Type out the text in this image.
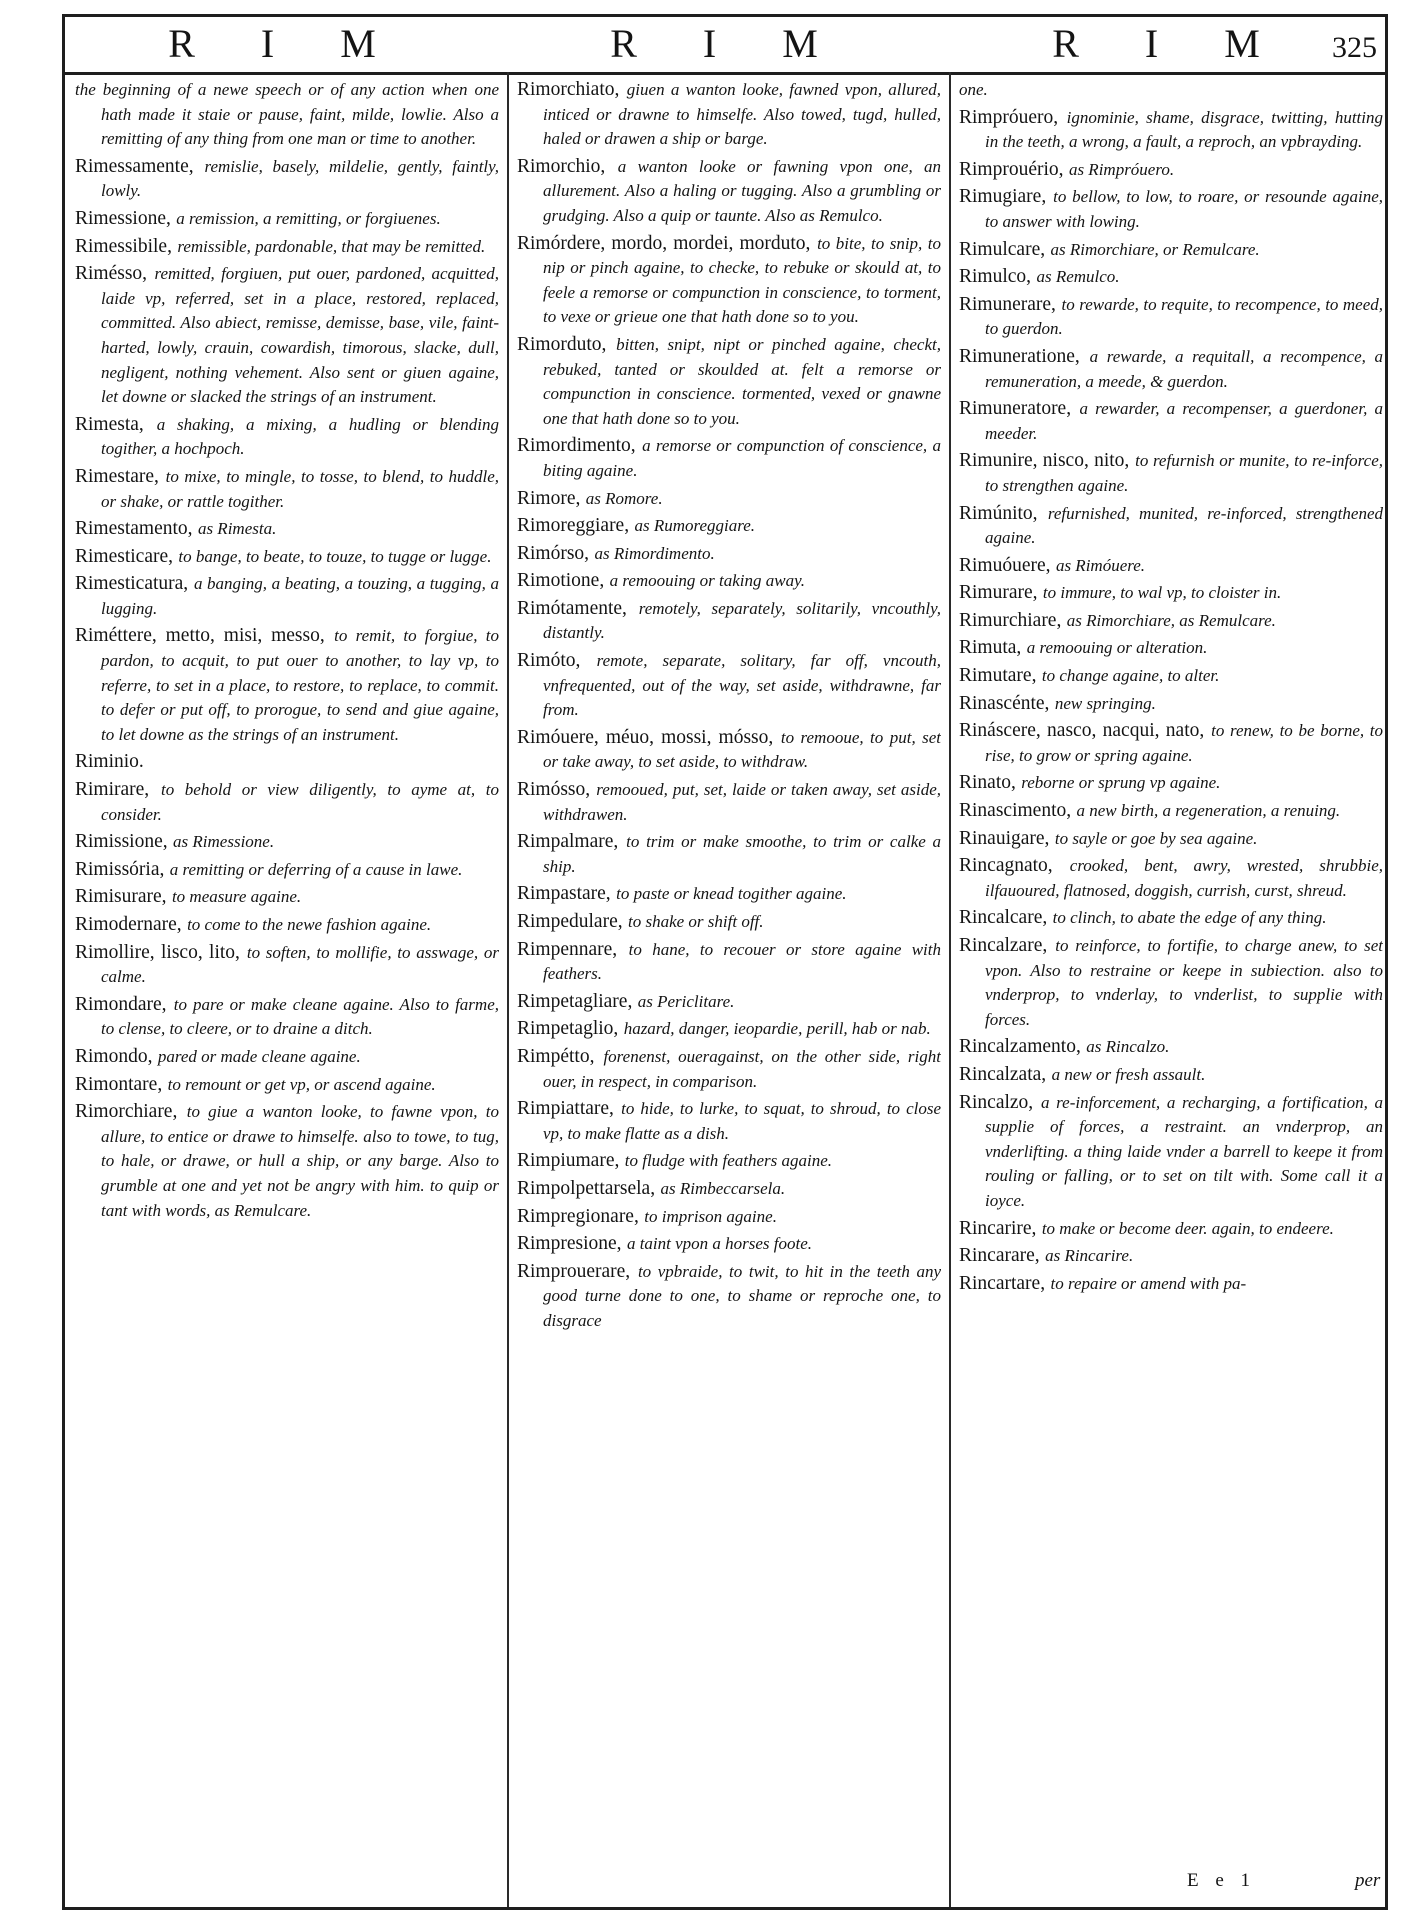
R I M	R I M	R I M	325

the beginning of a newe speech or of any action when one hath made it staie or pause, faint, milde, lowlie. Also a remitting of any thing from one man or time to another.

Rimessamente, remislie, basely, mildelie, gently, faintly, lowly.

Rimessione, a remission, a remitting, or forgiuenes.

Rimessibile, remissible, pardonable, that may be remitted.

Riméssо, remitted, forgiuen, put ouer, pardoned, acquitted, laide vp, referred, set in a place, restored, replaced, committed. Also abiect, remisse, demisse, base, vile, faint-harted, lowly, crauin, cowardish, timorous, slacke, dull, negligent, nothing vehement. Also sent or giuen againe, let downe or slacked the strings of an instrument.

Rimesta, a shaking, a mixing, a hudling or blending togither, a hochpoch.

Rimestare, to mixe, to mingle, to tosse, to blend, to huddle, or shake, or rattle togither.

Rimestamento, as Rimesta.

Rimesticare, to bange, to beate, to touze, to tugge or lugge.

Rimesticatura, a banging, a beating, a touzing, a tugging, a lugging.

Riméttere, metto, misi, messo, to remit, to forgiue, to pardon, to acquit, to put ouer to another, to lay vp, to referre, to set in a place, to restore, to replace, to commit. to defer or put off, to prorogue, to send and giue againe, to let downe as the strings of an instrument.

Riminio.

Rimirare, to behold or view diligently, to ayme at, to consider.

Rimissione, as Rimessione.

Rimissória, a remitting or deferring of a cause in lawe.

Rimisurare, to measure againe.

Rimodernare, to come to the newe fashion againe.

Rimollire, lisco, lito, to soften, to mollifie, to asswage, or calme.

Rimondare, to pare or make cleane againe. Also to farme, to clense, to cleere, or to draine a ditch.

Rimondo, pared or made cleane againe.

Rimontare, to remount or get vp, or ascend againe.

Rimorchiare, to giue a wanton looke, to fawne vpon, to allure, to entice or drawe to himselfe. also to towe, to tug, to hale, or drawe, or hull a ship, or any barge. Also to grumble at one and yet not be angry with him. to quip or tant with words, as Remulcare.

Rimorchiato, giuen a wanton looke, fawned vpon, allured, inticed or drawne to himselfe. Also towed, tugd, hulled, haled or drawen a ship or barge.

Rimorchio, a wanton looke or fawning vpon one, an allurement. Also a haling or tugging. Also a grumbling or grudging. Also a quip or taunte. Also as Remulco.

Rimórdere, mordo, mordei, morduto, to bite, to snip, to nip or pinch againe, to checke, to rebuke or skould at, to feele a remorse or compunction in conscience, to torment, to vexe or grieue one that hath done so to you.

Rimorduto, bitten, snipt, nipt or pinched againe, checkt, rebuked, tanted or skoulded at. felt a remorse or compunction in conscience. tormented, vexed or gnawne one that hath done so to you.

Rimordimento, a remorse or compunction of conscience, a biting againe.

Rimore, as Romore.

Rimoreggiare, as Rumoreggiare.

Rimórso, as Rimordimento.

Rimotione, a remoouing or taking away.

Rimótamente, remotely, separately, solitarily, vncouthly, distantly.

Rimóto, remote, separate, solitary, far off, vncouth, vnfrequented, out of the way, set aside, withdrawne, far from.

Rimóuere, méuo, mossi, mósso, to remooue, to put, set or take away, to set aside, to withdraw.

Rimósso, remooued, put, set, laide or taken away, set aside, withdrawen.

Rimpalmare, to trim or make smoothe, to trim or calke a ship.

Rimpastare, to paste or knead togither againe.

Rimpedulare, to shake or shift off.

Rimpennare, to hane, to recouer or store againe with feathers.

Rimpetagliare, as Periclitare.

Rimpetaglio, hazard, danger, ieopardie, perill, hab or nab.

Rimpétto, forenenst, oueragainst, on the other side, right ouer, in respect, in comparison.

Rimpiattare, to hide, to lurke, to squat, to shroud, to close vp, to make flatte as a dish.

Rimpiumare, to fludge with feathers againe.

Rimpolpettarsela, as Rimbeccarsela.

Rimpregionare, to imprison againe.

Rimpresione, a taint vpon a horses foote.

Rimprouerare, to vpbraide, to twit, to hit in the teeth any good turne done to one, to shame or reproche one, to disgrace

one.

Rimpróuero, ignominie, shame, disgrace, twitting, hutting in the teeth, a wrong, a fault, a reproch, an vpbrayding.

Rimprouério, as Rimpróuero.

Rimugiare, to bellow, to low, to roare, or resounde againe, to answer with lowing.

Rimulcare, as Rimorchiare, or Remulcare.

Rimulco, as Remulco.

Rimunerare, to rewarde, to requite, to recompence, to meed, to guerdon.

Rimuneratione, a rewarde, a requitall, a recompence, a remuneration, a meede, & guerdon.

Rimuneratore, a rewarder, a recompenser, a guerdoner, a meeder.

Rimunire, nisco, nito, to refurnish or munite, to re-inforce, to strengthen againe.

Rimúnito, refurnished, munited, re-inforced, strengthened againe.

Rimuóuere, as Rimóuere.

Rimurare, to immure, to wal vp, to cloister in.

Rimurchiare, as Rimorchiare, as Remulcare.

Rimuta, a remoouing or alteration.

Rimutare, to change againe, to alter.

Rinascénte, new springing.

Rináscere, nasco, nacqui, nato, to renew, to be borne, to rise, to grow or spring againe.

Rinato, reborne or sprung vp againe.

Rinascimento, a new birth, a regeneration, a renuing.

Rinauigare, to sayle or goe by sea againe.

Rincagnato, crooked, bent, awry, wrested, shrubbie, ilfauoured, flatnosed, doggish, currish, curst, shreud.

Rincalcare, to clinch, to abate the edge of any thing.

Rincalzare, to reinforce, to fortifie, to charge anew, to set vpon. Also to restraine or keepe in subiection. also to vnderprop, to vnderlay, to vnderlist, to supplie with forces.

Rincalzamento, as Rincalzo.

Rincalzata, a new or fresh assault.

Rincalzo, a re-inforcement, a recharging, a fortification, a supplie of forces, a restraint. an vnderprop, an vnderlifting. a thing laide vnder a barrell to keepe it from rouling or falling, or to set on tilt with. Some call it a ioyce.

Rincarire, to make or become deer. again, to endeere.

Rincarare, as Rincarire.

Rincartare, to repaire or amend with pa-

E e 1	per
